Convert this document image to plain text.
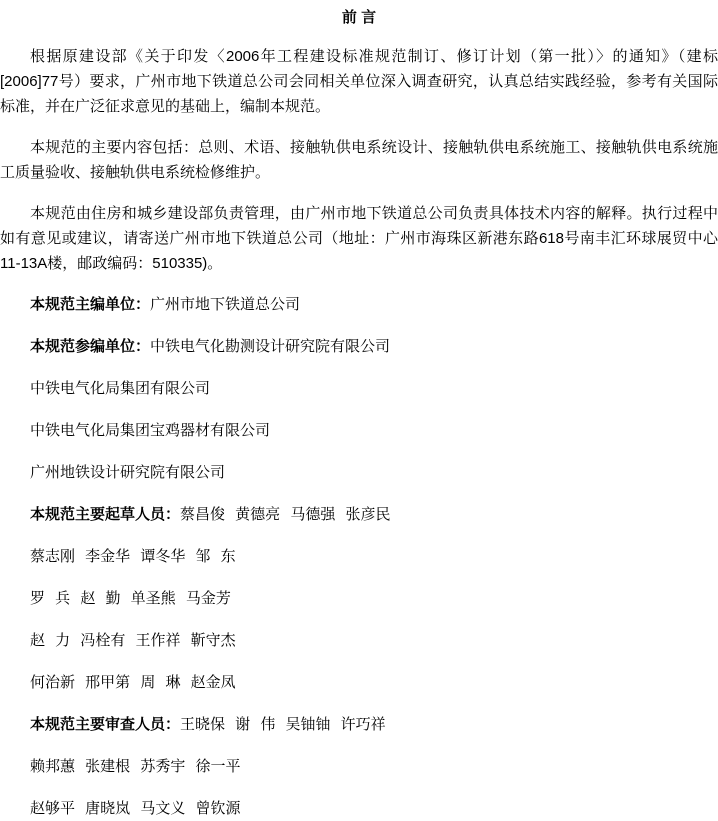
前 言

根据原建设部《关于印发〈2006年工程建设标准规范制订、修订计划（第一批）〉的通知》（建标[2006]77号）要求，广州市地下铁道总公司会同相关单位深入调查研究，认真总结实践经验，参考有关国际标准，并在广泛征求意见的基础上，编制本规范。

本规范的主要内容包括：总则、术语、接触轨供电系统设计、接触轨供电系统施工、接触轨供电系统施工质量验收、接触轨供电系统检修维护。

本规范由住房和城乡建设部负责管理，由广州市地下铁道总公司负责具体技术内容的解释。执行过程中如有意见或建议，请寄送广州市地下铁道总公司（地址：广州市海珠区新港东路618号南丰汇环球展贸中心11-13A楼，邮政编码：510335)。

本规范主编单位：广州市地下铁道总公司

本规范参编单位：中铁电气化勘测设计研究院有限公司

中铁电气化局集团有限公司

中铁电气化局集团宝鸡器材有限公司

广州地铁设计研究院有限公司

本规范主要起草人员：蔡昌俊 黄德亮 马德强 张彦民

蔡志刚 李金华 谭冬华 邹 东

罗 兵 赵 勤 单圣熊 马金芳

赵 力 冯栓有 王作祥 靳守杰

何治新 邢甲第 周 琳 赵金凤

本规范主要审查人员：王晓保 谢 伟 吴铀铀 许巧祥

赖邦蕙 张建根 苏秀宇 徐一平

赵够平 唐晓岚 马文义 曾钦源
